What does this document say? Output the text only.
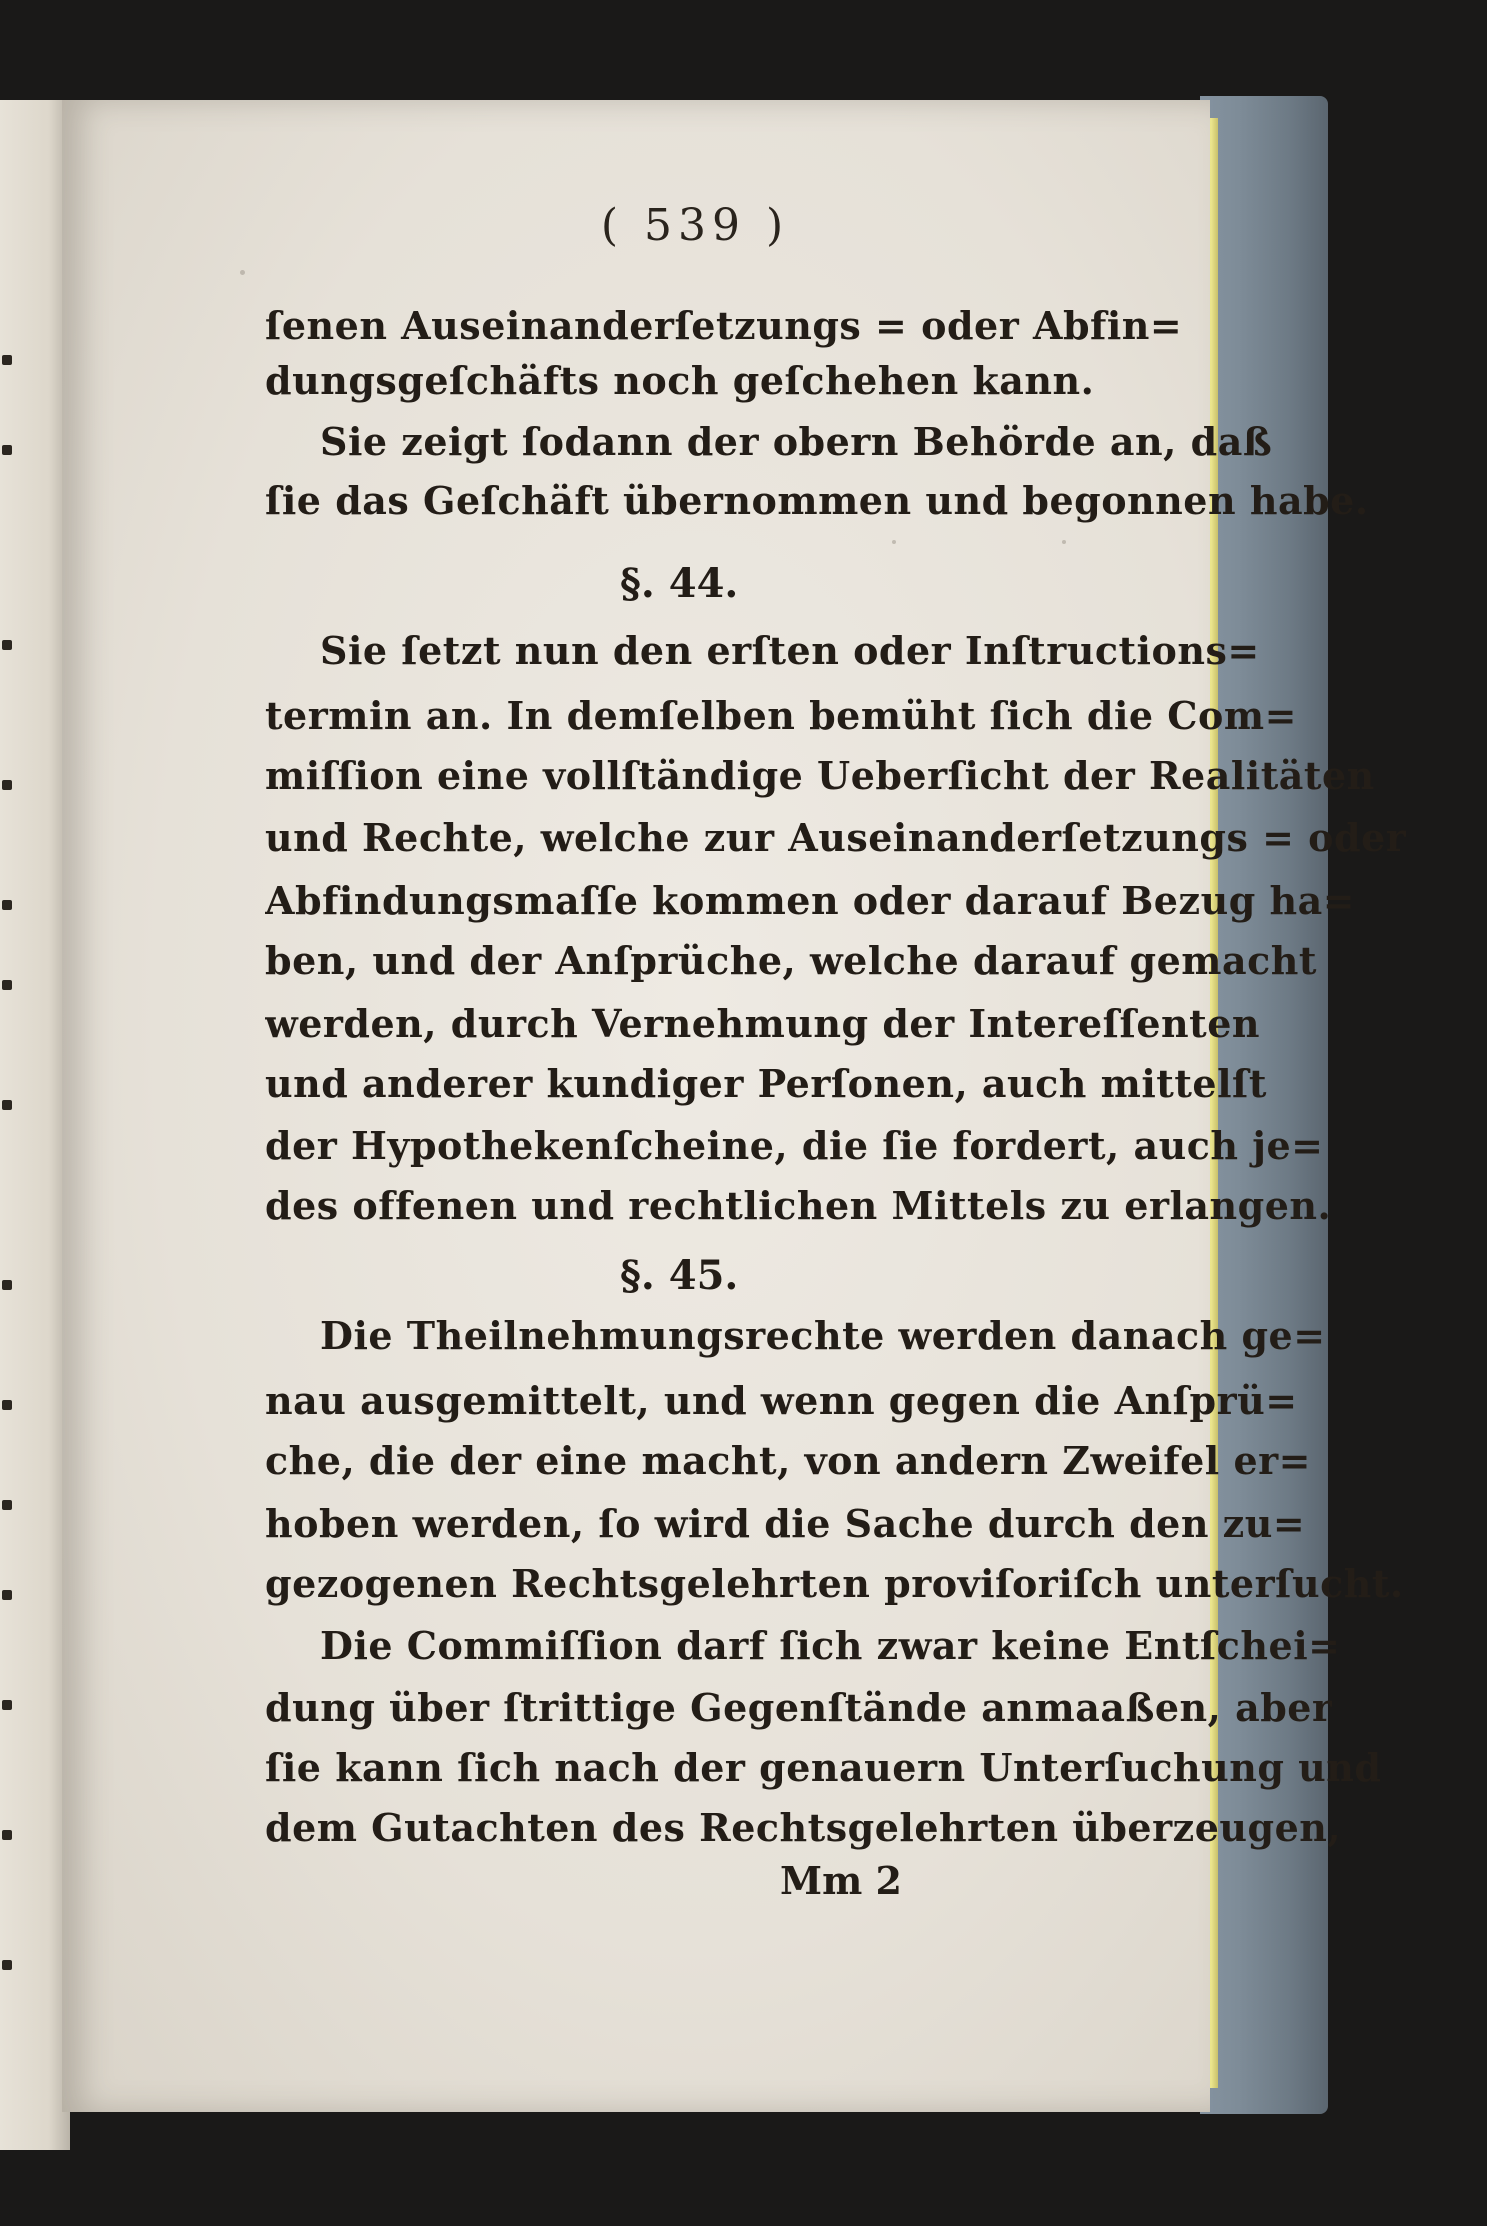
( 539 )
ſenen Auseinanderſetzungs = oder Abfin=
dungsgeſchäfts noch geſchehen kann.
Sie zeigt ſodann der obern Behörde an, daß
ſie das Geſchäft übernommen und begonnen habe.
§. 44.
Sie ſetzt nun den erſten oder Inſtructions=
termin an. In demſelben bemüht ſich die Com=
miſſion eine vollſtändige Ueberſicht der Realitäten
und Rechte, welche zur Auseinanderſetzungs = oder
Abfindungsmaſſe kommen oder darauf Bezug ha=
ben, und der Anſprüche, welche darauf gemacht
werden, durch Vernehmung der Intereſſenten
und anderer kundiger Perſonen, auch mittelſt
der Hypothekenſcheine, die ſie fordert, auch je=
des offenen und rechtlichen Mittels zu erlangen.
§. 45.
Die Theilnehmungsrechte werden danach ge=
nau ausgemittelt, und wenn gegen die Anſprü=
che, die der eine macht, von andern Zweifel er=
hoben werden, ſo wird die Sache durch den zu=
gezogenen Rechtsgelehrten proviſoriſch unterſucht.
Die Commiſſion darf ſich zwar keine Entſchei=
dung über ſtrittige Gegenſtände anmaaßen, aber
ſie kann ſich nach der genauern Unterſuchung und
dem Gutachten des Rechtsgelehrten überzeugen,
Mm 2
